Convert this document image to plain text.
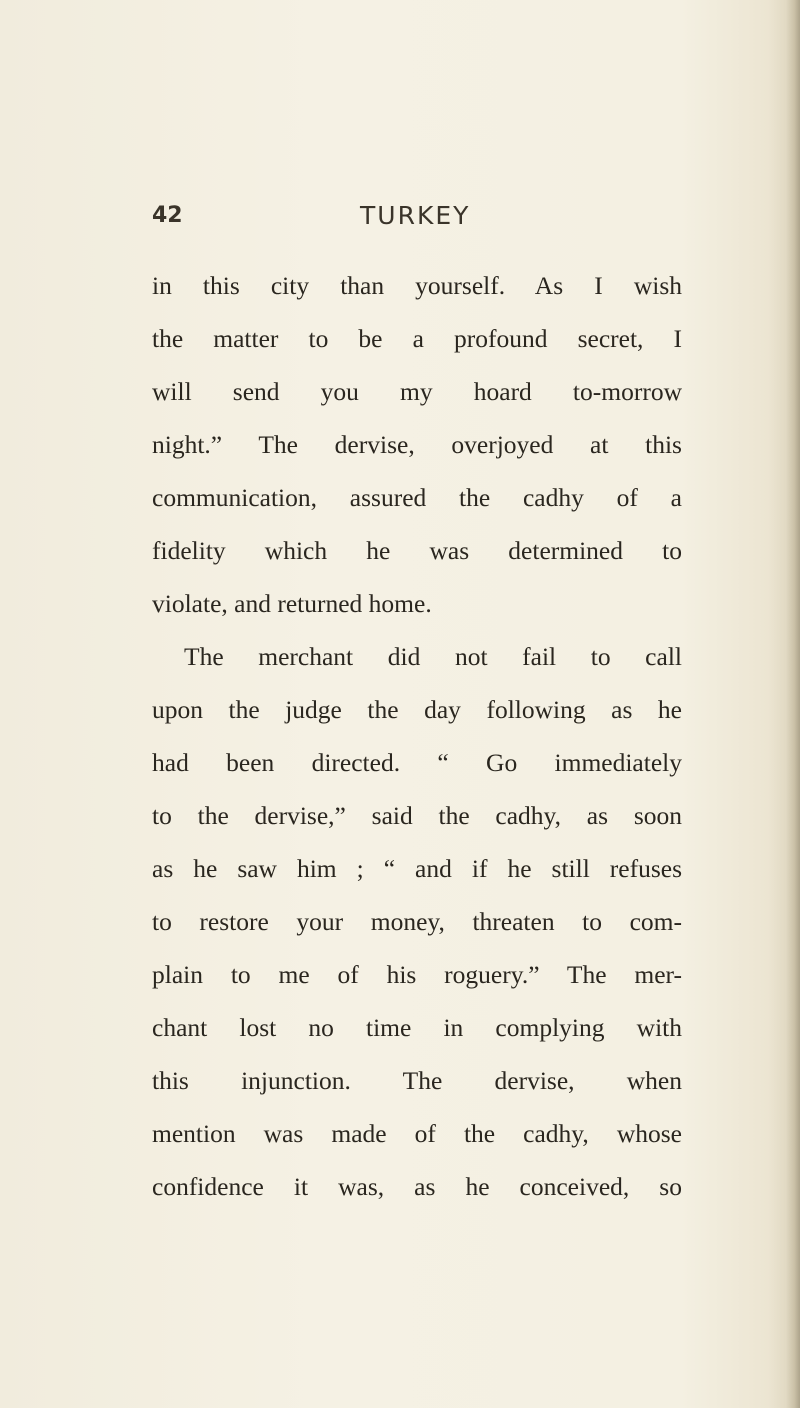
42	TURKEY
in this city than yourself. As I wish
the matter to be a profound secret, I
will send you my hoard to-morrow
night.” The dervise, overjoyed at this
communication, assured the cadhy of a
fidelity which he was determined to
violate, and returned home.
The merchant did not fail to call
upon the judge the day following as he
had been directed. “ Go immediately
to the dervise,” said the cadhy, as soon
as he saw him ; “ and if he still refuses
to restore your money, threaten to com-
plain to me of his roguery.” The mer-
chant lost no time in complying with
this injunction. The dervise, when
mention was made of the cadhy, whose
confidence it was, as he conceived, so
